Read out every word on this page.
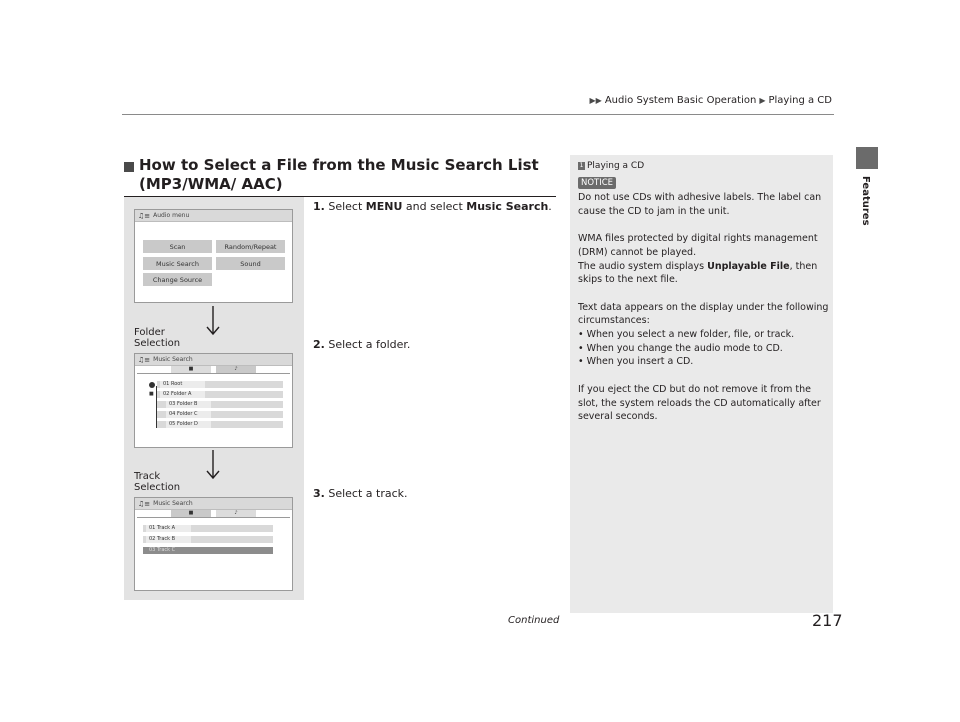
▶▶ Audio System Basic Operation ▶ Playing a CD
Features
How to Select a File from the Music Search List (MP3/WMA/ AAC)
♫≡ Audio menu
Scan	Random/Repeat
Music Search	Sound
Change Source
Folder
Selection
♫≡ Music Search
■	♪
01 Root
■	02 Folder A
03 Folder B
04 Folder C
05 Folder D
Track
Selection
♫≡ Music Search
■	♪
01 Track A
02 Track B
03 Track C
1. Select MENU and select Music Search.
2. Select a folder.
3. Select a track.
1 Playing a CD
NOTICE

Do not use CDs with adhesive labels. The label can cause the CD to jam in the unit.

WMA files protected by digital rights management (DRM) cannot be played.
The audio system displays Unplayable File, then skips to the next file.

Text data appears on the display under the following circumstances:
• When you select a new folder, file, or track.
• When you change the audio mode to CD.
• When you insert a CD.

If you eject the CD but do not remove it from the slot, the system reloads the CD automatically after several seconds.

Continued	217
